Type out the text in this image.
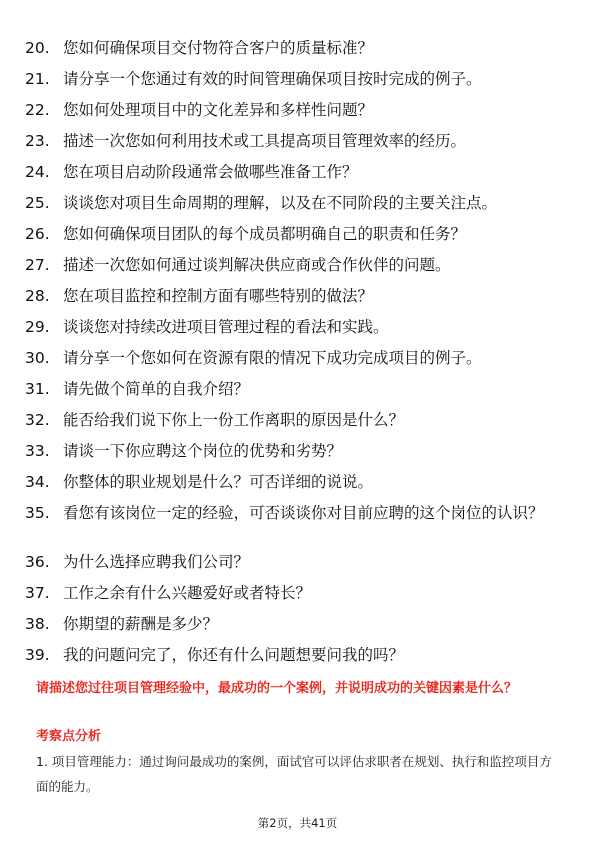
20. 您如何确保项目交付物符合客户的质量标准？
21. 请分享一个您通过有效的时间管理确保项目按时完成的例子。
22. 您如何处理项目中的文化差异和多样性问题？
23. 描述一次您如何利用技术或工具提高项目管理效率的经历。
24. 您在项目启动阶段通常会做哪些准备工作？
25. 谈谈您对项目生命周期的理解，以及在不同阶段的主要关注点。
26. 您如何确保项目团队的每个成员都明确自己的职责和任务？
27. 描述一次您如何通过谈判解决供应商或合作伙伴的问题。
28. 您在项目监控和控制方面有哪些特别的做法？
29. 谈谈您对持续改进项目管理过程的看法和实践。
30. 请分享一个您如何在资源有限的情况下成功完成项目的例子。
31. 请先做个简单的自我介绍？
32. 能否给我们说下你上一份工作离职的原因是什么？
33. 请谈一下你应聘这个岗位的优势和劣势？
34. 你整体的职业规划是什么？可否详细的说说。
35. 看您有该岗位一定的经验，可否谈谈你对目前应聘的这个岗位的认识？
36. 为什么选择应聘我们公司？
37. 工作之余有什么兴趣爱好或者特长？
38. 你期望的薪酬是多少？
39. 我的问题问完了，你还有什么问题想要问我的吗？
请描述您过往项目管理经验中，最成功的一个案例，并说明成功的关键因素是什么？
考察点分析
1. 项目管理能力：通过询问最成功的案例，面试官可以评估求职者在规划、执行和监控项目方面的能力。
第2页，共41页
